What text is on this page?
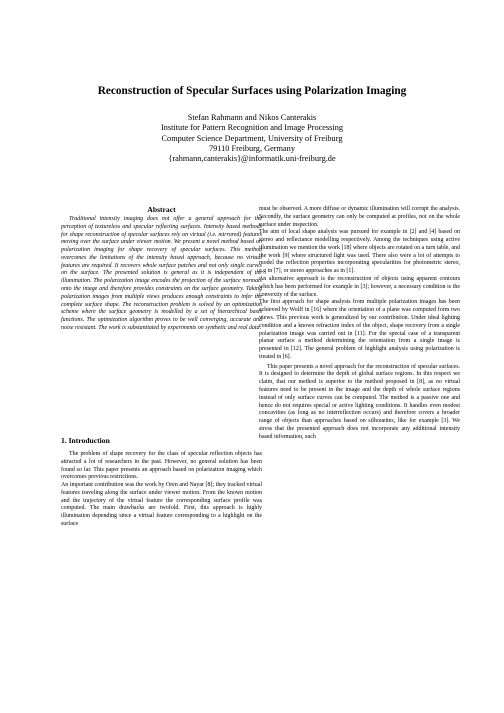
Reconstruction of Specular Surfaces using Polarization Imaging
Stefan Rahmann and Nikos Canterakis
Institute for Pattern Recognition and Image Processing
Computer Science Department, University of Freiburg
79110 Freiburg, Germany
{rahmann,canterakis}@informatik.uni-freiburg.de
Abstract

Traditional intensity imaging does not offer a general approach for the perception of textureless and specular reflecting surfaces. Intensity based methods for shape reconstruction of specular surfaces rely on virtual (i.e. mirrored) features moving over the surface under viewer motion. We present a novel method based on polarization imaging for shape recovery of specular surfaces. This method overcomes the limitations of the intensity based approach, because no virtual features are required. It recovers whole surface patches and not only single curves on the surface. The presented solution is general as it is independent of the illumination. The polarization image encodes the projection of the surface normals onto the image and therefore provides constraints on the surface geometry. Taking polarization images from multiple views produces enough constraints to infer the complete surface shape. The reconstruction problem is solved by an optimization scheme where the surface geometry is modelled by a set of hierarchical basis functions. The optimization algorithm proves to be well converging, accurate and noise resistant. The work is substantiated by experiments on synthetic and real data.

1. Introduction

The problem of shape recovery for the class of specular reflection objects has attracted a lot of researchers in the past. However, no general solution has been found so far. This paper presents an approach based on polarization imaging which overcomes previous restrictions.

An important contribution was the work by Oren and Nayar [8]; they tracked virtual features traveling along the surface under viewer motion. From the known motion and the trajectory of the virtual feature the corresponding surface profile was computed. The main drawbacks are twofold. First, this approach is highly illumination depending since a virtual feature corresponding to a highlight on the surface

must be observed. A more diffuse or dynamic illumination will corrupt the analysis. Secondly, the surface geometry can only be computed at profiles, not on the whole surface under inspection.

The aim of local shape analysis was pursued for example in [2] and [4] based on stereo and reflectance modelling respectively. Among the techniques using active illumination we mention the work [18] where objects are rotated on a turn table, and the work [9] where structured light was used. There also were a lot of attempts to model the reflection properties incorporating specularities for photometric stereo, e.g in [7], or stereo approaches as in [1].

An alternative approach is the reconstruction of objects using apparent contours which has been performed for example in [3]; however, a necessary condition is the convexity of the surface.

The first approach for shape analysis from multiple polarization images has been achieved by Wolff in [16] where the orientation of a plane was computed form two views. This previous work is generalized by our contribution. Under ideal lighting condition and a known refraction index of the object, shape recovery from a single polarization image was carried out in [11]. For the special case of a transparent planar surface a method determining the orientation from a single image is presented in [12]. The general problem of highlight analysis using polarization is treated in [6].

This paper presents a novel approach for the reconstruction of specular surfaces. It is designed to determine the depth of global surface regions. In this respect we claim, that our method is superior to the method proposed in [8], as no virtual features need to be present in the image and the depth of whole surface regions instead of only surface curves can be computed. The method is a passive one and hence do not requires special or active lighting conditions. It handles even modest concavities (as long as no interreflection occurs) and therefore covers a broader range of objects than approaches based on silhouettes, like for example [3]. We stress that the presented approach does not incorporate any additional intensity based information, such
